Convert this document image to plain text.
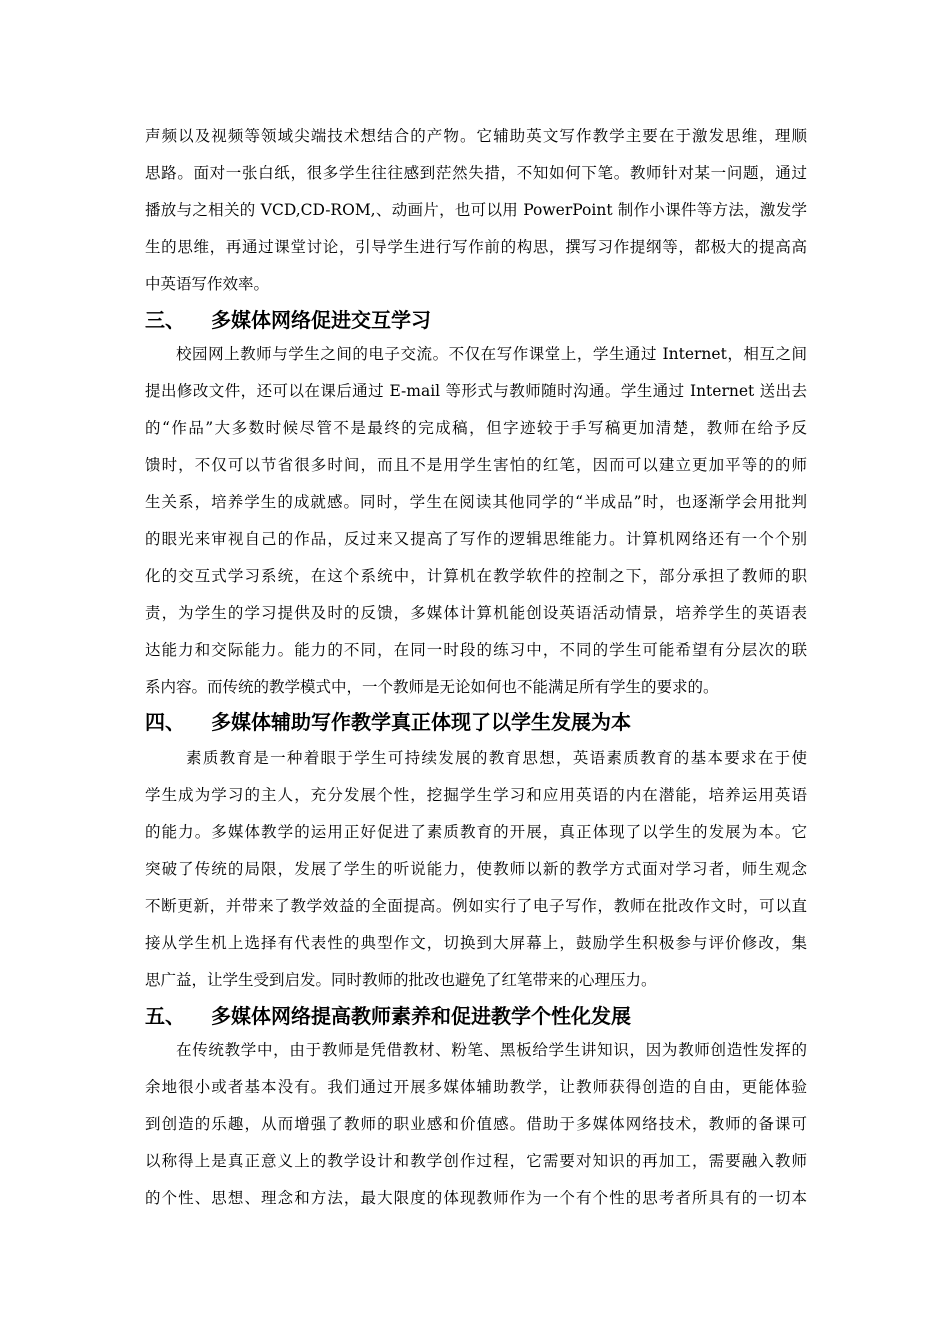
声频以及视频等领域尖端技术想结合的产物。它辅助英文写作教学主要在于激发思维，理顺
思路。面对一张白纸，很多学生往往感到茫然失措，不知如何下笔。教师针对某一问题，通过
播放与之相关的 VCD,CD-ROM,、动画片，也可以用 PowerPoint 制作小课件等方法，激发学
生的思维，再通过课堂讨论，引导学生进行写作前的构思，撰写习作提纲等，都极大的提高高
中英语写作效率。
三、 多媒体网络促进交互学习
校园网上教师与学生之间的电子交流。不仅在写作课堂上，学生通过 Internet，相互之间
提出修改文件，还可以在课后通过 E-mail 等形式与教师随时沟通。学生通过 Internet 送出去
的“作品”大多数时候尽管不是最终的完成稿，但字迹较于手写稿更加清楚，教师在给予反
馈时，不仅可以节省很多时间，而且不是用学生害怕的红笔，因而可以建立更加平等的的师
生关系，培养学生的成就感。同时，学生在阅读其他同学的“半成品”时，也逐渐学会用批判
的眼光来审视自己的作品，反过来又提高了写作的逻辑思维能力。计算机网络还有一个个别
化的交互式学习系统，在这个系统中，计算机在教学软件的控制之下，部分承担了教师的职
责，为学生的学习提供及时的反馈，多媒体计算机能创设英语活动情景，培养学生的英语表
达能力和交际能力。能力的不同，在同一时段的练习中，不同的学生可能希望有分层次的联
系内容。而传统的教学模式中，一个教师是无论如何也不能满足所有学生的要求的。
四、 多媒体辅助写作教学真正体现了以学生发展为本
素质教育是一种着眼于学生可持续发展的教育思想，英语素质教育的基本要求在于使
学生成为学习的主人，充分发展个性，挖掘学生学习和应用英语的内在潜能，培养运用英语
的能力。多媒体教学的运用正好促进了素质教育的开展，真正体现了以学生的发展为本。它
突破了传统的局限，发展了学生的听说能力，使教师以新的教学方式面对学习者，师生观念
不断更新，并带来了教学效益的全面提高。例如实行了电子写作，教师在批改作文时，可以直
接从学生机上选择有代表性的典型作文，切换到大屏幕上，鼓励学生积极参与评价修改，集
思广益，让学生受到启发。同时教师的批改也避免了红笔带来的心理压力。
五、 多媒体网络提高教师素养和促进教学个性化发展
在传统教学中，由于教师是凭借教材、粉笔、黑板给学生讲知识，因为教师创造性发挥的
余地很小或者基本没有。我们通过开展多媒体辅助教学，让教师获得创造的自由，更能体验
到创造的乐趣，从而增强了教师的职业感和价值感。借助于多媒体网络技术，教师的备课可
以称得上是真正意义上的教学设计和教学创作过程，它需要对知识的再加工，需要融入教师
的个性、思想、理念和方法，最大限度的体现教师作为一个有个性的思考者所具有的一切本
